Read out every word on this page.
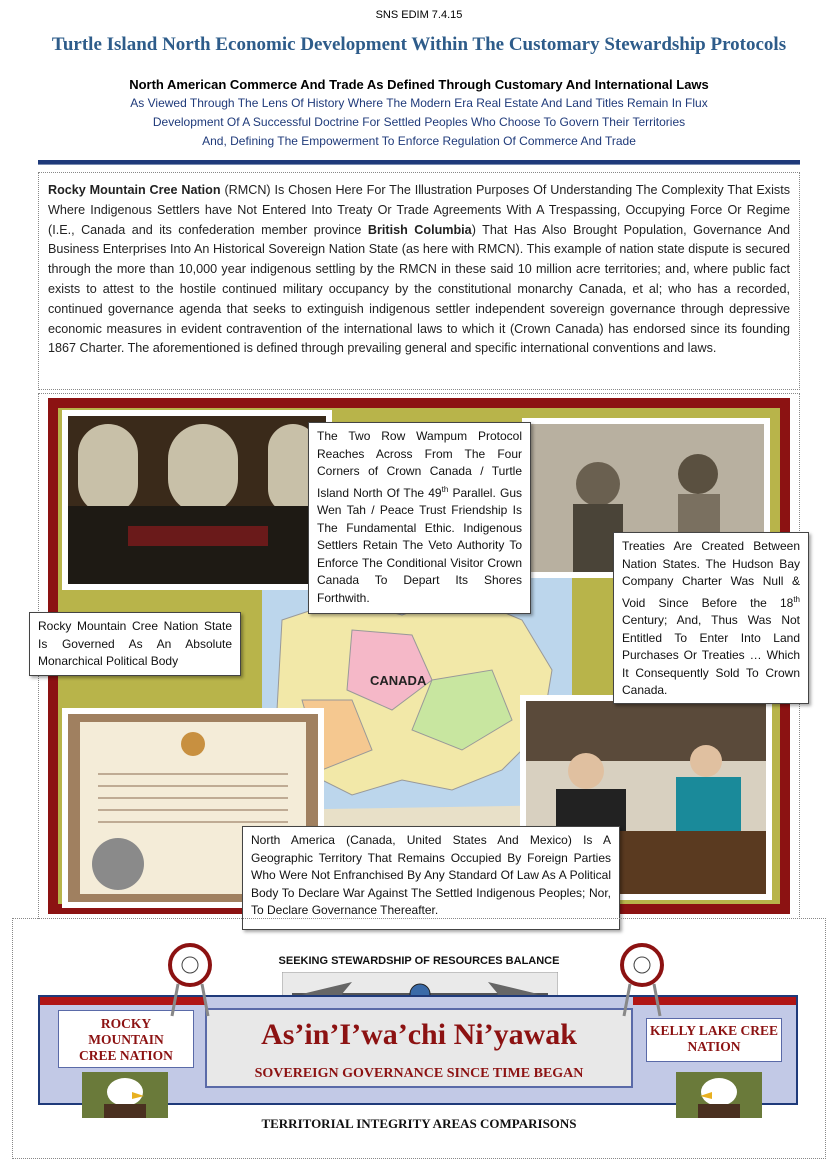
SNS EDIM 7.4.15
Turtle Island North Economic Development Within The Customary Stewardship Protocols
North American Commerce And Trade As Defined Through Customary And International Laws
As Viewed Through The Lens Of History Where The Modern Era Real Estate And Land Titles Remain In Flux
Development Of A Successful Doctrine For Settled Peoples Who Choose To Govern Their Territories
And, Defining The Empowerment To Enforce Regulation Of Commerce And Trade
Rocky Mountain Cree Nation (RMCN) Is Chosen Here For The Illustration Purposes Of Understanding The Complexity That Exists Where Indigenous Settlers have Not Entered Into Treaty Or Trade Agreements With A Trespassing, Occupying Force Or Regime (I.E., Canada and its confederation member province British Columbia) That Has Also Brought Population, Governance And Business Enterprises Into An Historical Sovereign Nation State (as here with RMCN). This example of nation state dispute is secured through the more than 10,000 year indigenous settling by the RMCN in these said 10 million acre territories; and, where public fact exists to attest to the hostile continued military occupancy by the constitutional monarchy Canada, et al; who has a recorded, continued governance agenda that seeks to extinguish indigenous settler independent sovereign governance through depressive economic measures in evident contravention of the international laws to which it (Crown Canada) has endorsed since its founding 1867 Charter. The aforementioned is defined through prevailing general and specific international conventions and laws.
CANADA
The Two Row Wampum Protocol Reaches Across From The Four Corners of Crown Canada / Turtle Island North Of The 49th Parallel. Gus Wen Tah / Peace Trust Friendship Is The Fundamental Ethic. Indigenous Settlers Retain The Veto Authority To Enforce The Conditional Visitor Crown Canada To Depart Its Shores Forthwith.
Treaties Are Created Between Nation States. The Hudson Bay Company Charter Was Null & Void Since Before the 18th Century; And, Thus Was Not Entitled To Enter Into Land Purchases Or Treaties … Which It Consequently Sold To Crown Canada.
Rocky Mountain Cree Nation State Is Governed As An Absolute Monarchical Political Body
North America (Canada, United States And Mexico) Is A Geographic Territory That Remains Occupied By Foreign Parties Who Were Not Enfranchised By Any Standard Of Law As A Political Body To Declare War Against The Settled Indigenous Peoples; Nor, To Declare Governance Thereafter.
SEEKING STEWARDSHIP OF RESOURCES BALANCE
As’in’I’wa’chi Ni’yawak
SOVEREIGN GOVERNANCE SINCE TIME BEGAN
ROCKY MOUNTAIN CREE NATION
KELLY LAKE CREE NATION
TERRITORIAL INTEGRITY AREAS COMPARISONS
